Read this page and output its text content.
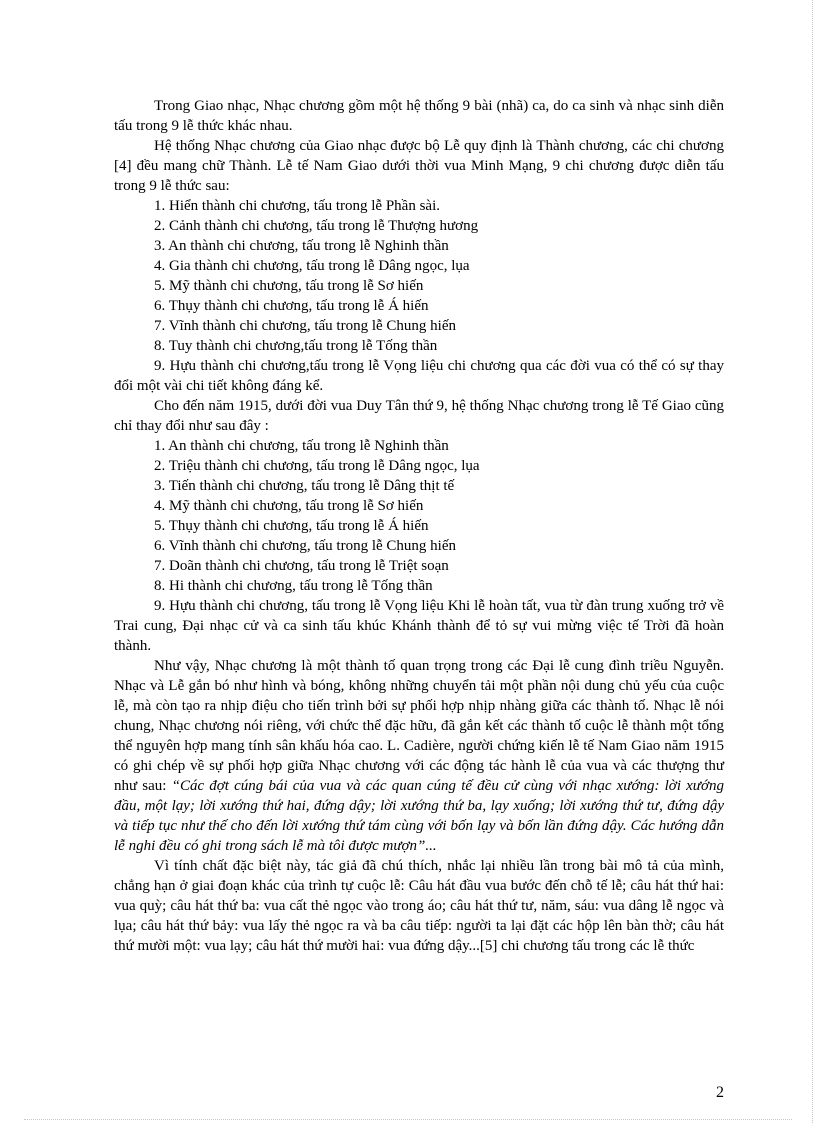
Trong Giao nhạc, Nhạc chương gồm một hệ thống 9 bài (nhã) ca, do ca sinh và nhạc sinh diễn tấu trong 9 lễ thức khác nhau.

Hệ thống Nhạc chương của Giao nhạc được bộ Lễ quy định là Thành chương, các chi chương [4] đều mang chữ Thành. Lễ tế Nam Giao dưới thời vua Minh Mạng, 9 chi chương được diễn tấu trong 9 lễ thức sau:

1. Hiển thành chi chương, tấu trong lễ Phần sài.

2. Cảnh thành chi chương, tấu trong lễ Thượng hương

3. An thành chi chương, tấu trong lễ Nghinh thần

4. Gia thành chi chương, tấu trong lễ Dâng ngọc, lụa

5. Mỹ thành chi chương, tấu trong lễ Sơ hiến

6. Thụy thành chi chương, tấu trong lễ Á hiến

7. Vĩnh thành chi chương, tấu trong lễ Chung hiến

8. Tuy thành chi chương,tấu trong lễ Tống thần

9. Hựu thành chi chương,tấu trong lễ Vọng liệu chi chương qua các đời vua có thể có sự thay đổi một vài chi tiết không đáng kể.

Cho đến năm 1915, dưới đời vua Duy Tân thứ 9, hệ thống Nhạc chương trong lễ Tế Giao cũng chỉ thay đổi như sau đây :

1. An thành chi chương, tấu trong lễ Nghinh thần

2. Triệu thành chi chương, tấu trong lễ Dâng ngọc, lụa

3. Tiến thành chi chương, tấu trong lễ Dâng thịt tế

4. Mỹ thành chi chương, tấu trong lễ Sơ hiến

5. Thụy thành chi chương, tấu trong lễ Á hiến

6. Vĩnh thành chi chương, tấu trong lễ Chung hiến

7. Doãn thành chi chương, tấu trong lễ Triệt soạn

8. Hi thành chi chương, tấu trong lễ Tống thần

9. Hựu thành chi chương, tấu trong lễ Vọng liệu Khi lễ hoàn tất, vua từ đàn trung xuống trở về Trai cung, Đại nhạc cử và ca sinh tấu khúc Khánh thành để tỏ sự vui mừng việc tế Trời đã hoàn thành.

Như vậy, Nhạc chương là một thành tố quan trọng trong các Đại lễ cung đình triều Nguyễn. Nhạc và Lễ gắn bó như hình và bóng, không những chuyển tải một phần nội dung chủ yếu của cuộc lễ, mà còn tạo ra nhịp điệu cho tiến trình bởi sự phối hợp nhịp nhàng giữa các thành tố. Nhạc lễ nói chung, Nhạc chương nói riêng, với chức thể đặc hữu, đã gắn kết các thành tố cuộc lễ thành một tổng thể nguyên hợp mang tính sân khấu hóa cao. L. Cadière, người chứng kiến lễ tế Nam Giao năm 1915 có ghi chép về sự phối hợp giữa Nhạc chương với các động tác hành lễ của vua và các thượng thư như sau: “Các đợt cúng bái của vua và các quan cúng tế đều cử cùng với nhạc xướng: lời xướng đầu, một lạy; lời xướng thứ hai, đứng dậy; lời xướng thứ ba, lạy xuống; lời xướng thứ tư, đứng dậy và tiếp tục như thế cho đến lời xướng thứ tám cùng với bốn lạy và bốn lần đứng dậy. Các hướng dẫn lễ nghi đều có ghi trong sách lễ mà tôi được mượn”...

Vì tính chất đặc biệt này, tác giả đã chú thích, nhắc lại nhiều lần trong bài mô tả của mình, chẳng hạn ở giai đoạn khác của trình tự cuộc lễ: Câu hát đầu vua bước đến chỗ tế lễ; câu hát thứ hai: vua quỳ; câu hát thứ ba: vua cất thẻ ngọc vào trong áo; câu hát thứ tư, năm, sáu: vua dâng lễ ngọc và lụa; câu hát thứ bảy: vua lấy thẻ ngọc ra và ba câu tiếp: người ta lại đặt các hộp lên bàn thờ; câu hát thứ mười một: vua lạy; câu hát thứ mười hai: vua đứng dậy...[5] chi chương tấu trong các lễ thức

2
